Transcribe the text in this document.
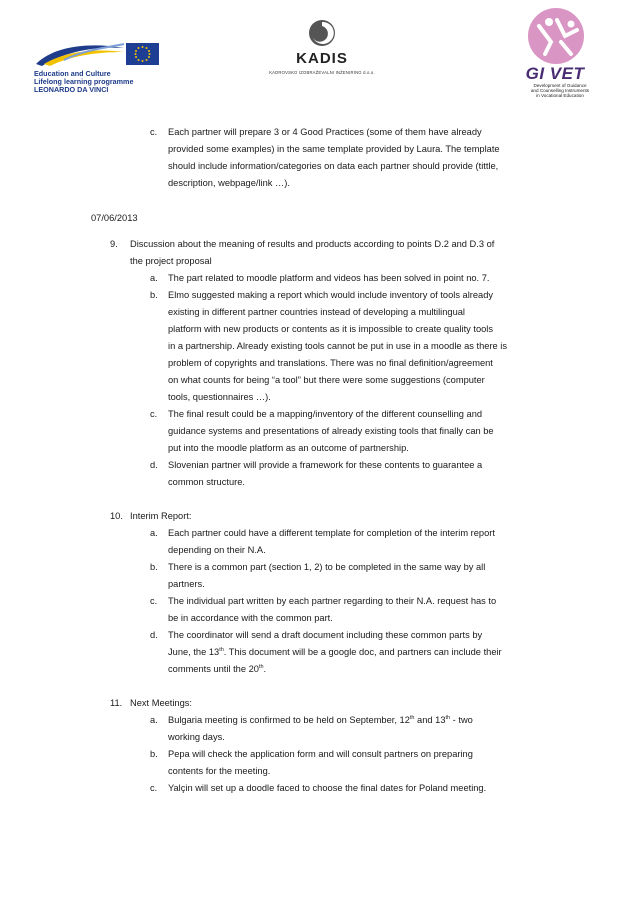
Education and Culture
Lifelong learning programme
LEONARDO DA VINCI
KADIS
KADROVSKO IZOBRAŽEVALNI INŽENIRING d.o.o.	GI VET
Development of Guidance
and Counselling Instruments
in Vocational Education
c. Each partner will prepare 3 or 4 Good Practices (some of them have already
provided some examples) in the same template provided by Laura. The template
should include information/categories on data each partner should provide (tittle,
description, webpage/link …).
07/06/2013
9. Discussion about the meaning of results and products according to points D.2 and D.3 of
the project proposal
a. The part related to moodle platform and videos has been solved in point no. 7.
b. Elmo suggested making a report which would include inventory of tools already
existing in different partner countries instead of developing a multilingual
platform with new products or contents as it is impossible to create quality tools
in a partnership. Already existing tools cannot be put in use in a moodle as there is
problem of copyrights and translations. There was no final definition/agreement
on what counts for being “a tool” but there were some suggestions (computer
tools, questionnaires …).
c. The final result could be a mapping/inventory of the different counselling and
guidance systems and presentations of already existing tools that finally can be
put into the moodle platform as an outcome of partnership.
d. Slovenian partner will provide a framework for these contents to guarantee a
common structure.
10. Interim Report:
a. Each partner could have a different template for completion of the interim report
depending on their N.A.
b. There is a common part (section 1, 2) to be completed in the same way by all
partners.
c. The individual part written by each partner regarding to their N.A. request has to
be in accordance with the common part.
d. The coordinator will send a draft document including these common parts by
June, the 13th. This document will be a google doc, and partners can include their
comments until the 20th.
11. Next Meetings:
a. Bulgaria meeting is confirmed to be held on September, 12th and 13th - two
working days.
b. Pepa will check the application form and will consult partners on preparing
contents for the meeting.
c. Yalçin will set up a doodle faced to choose the final dates for Poland meeting.
